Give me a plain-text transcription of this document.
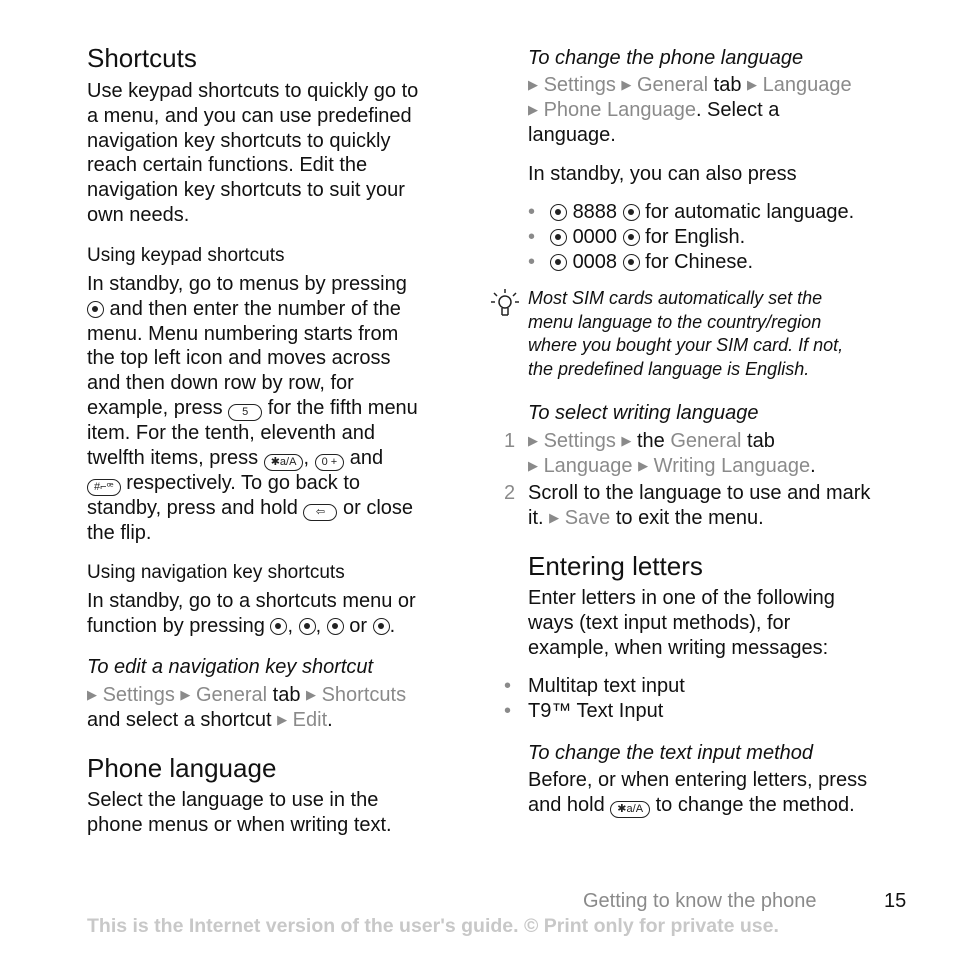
Shortcuts
Use keypad shortcuts to quickly go to
a menu, and you can use predefined
navigation key shortcuts to quickly
reach certain functions. Edit the
navigation key shortcuts to suit your
own needs.
Using keypad shortcuts
In standby, go to menus by pressing
and then enter the number of the
menu. Menu numbering starts from
the top left icon and moves across
and then down row by row, for
example, press 5 for the fifth menu
item. For the tenth, eleventh and
twelfth items, press ✱a/A , 0 + and
#⌐ꟹ respectively. To go back to
standby, press and hold ⇦ or close
the flip.
Using navigation key shortcuts
In standby, go to a shortcuts menu or
function by pressing , ,  or .
To edit a navigation key shortcut
▶ Settings ▶ General tab ▶ Shortcuts
and select a shortcut ▶ Edit.
Phone language
Select the language to use in the
phone menus or when writing text.
To change the phone language
▶ Settings ▶ General tab ▶ Language
▶ Phone Language. Select a
language.
In standby, you can also press
• 8888  for automatic language.
• 0000  for English.
• 0008  for Chinese.
Most SIM cards automatically set the
menu language to the country/region
where you bought your SIM card. If not,
the predefined language is English.
To select writing language
1 ▶ Settings ▶ the General tab
▶ Language ▶ Writing Language.
2 Scroll to the language to use and mark
it. ▶ Save to exit the menu.
Entering letters
Enter letters in one of the following
ways (text input methods), for
example, when writing messages:
• Multitap text input
• T9™ Text Input
To change the text input method
Before, or when entering letters, press
and hold ✱a/A to change the method.
Getting to know the phone	15
This is the Internet version of the user's guide. © Print only for private use.
